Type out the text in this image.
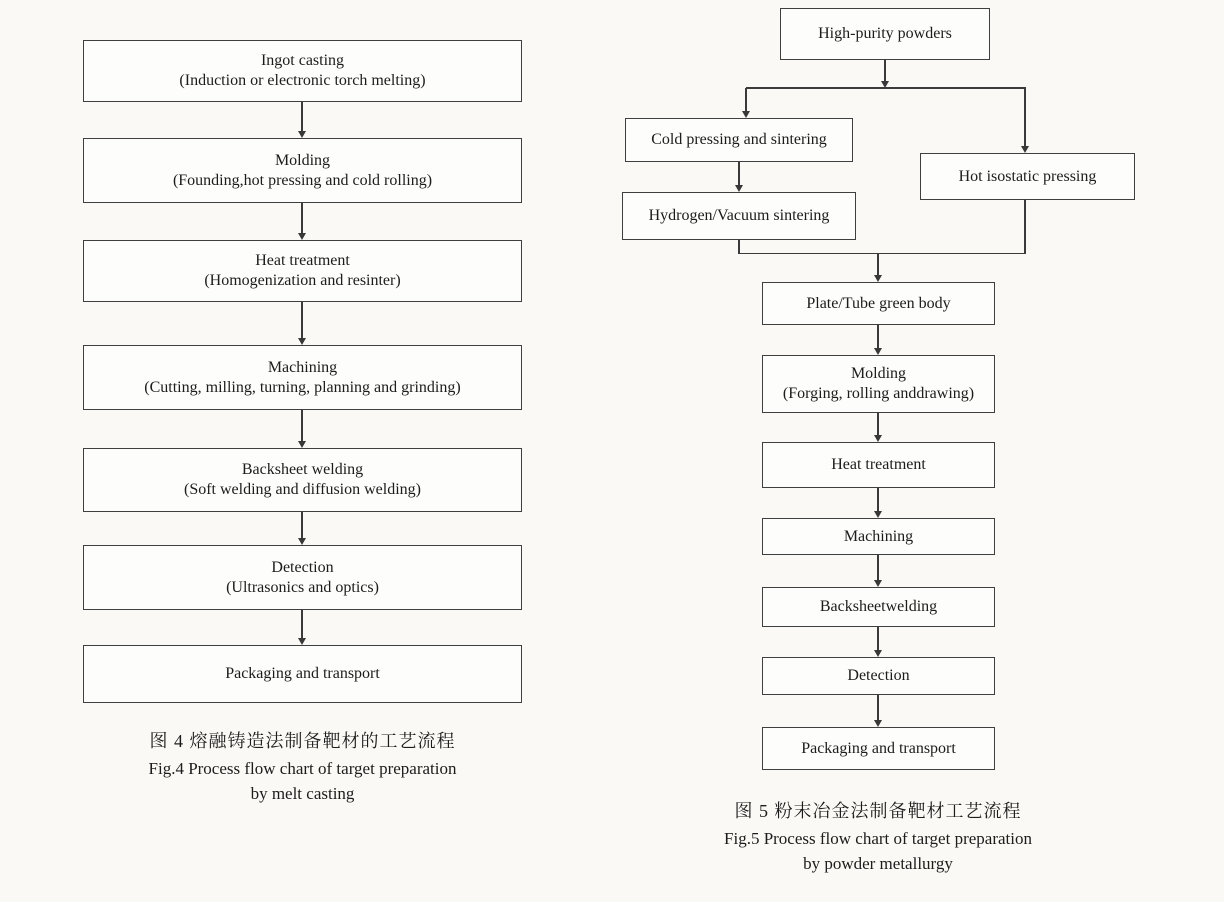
Ingot casting
(Induction or electronic torch melting)
Molding
(Founding,hot pressing and cold rolling)
Heat treatment
(Homogenization and resinter)
Machining
(Cutting, milling, turning, planning and grinding)
Backsheet welding
(Soft welding and diffusion welding)
Detection
(Ultrasonics and optics)
Packaging and transport
图 4 熔融铸造法制备靶材的工艺流程
Fig.4 Process flow chart of target preparation
by melt casting
High-purity powders
Cold pressing and sintering
Hydrogen/Vacuum sintering
Hot isostatic pressing
Plate/Tube green body
Molding
(Forging, rolling anddrawing)
Heat treatment
Machining
Backsheetwelding
Detection
Packaging and transport
图 5 粉末冶金法制备靶材工艺流程
Fig.5 Process flow chart of target preparation
by powder metallurgy
